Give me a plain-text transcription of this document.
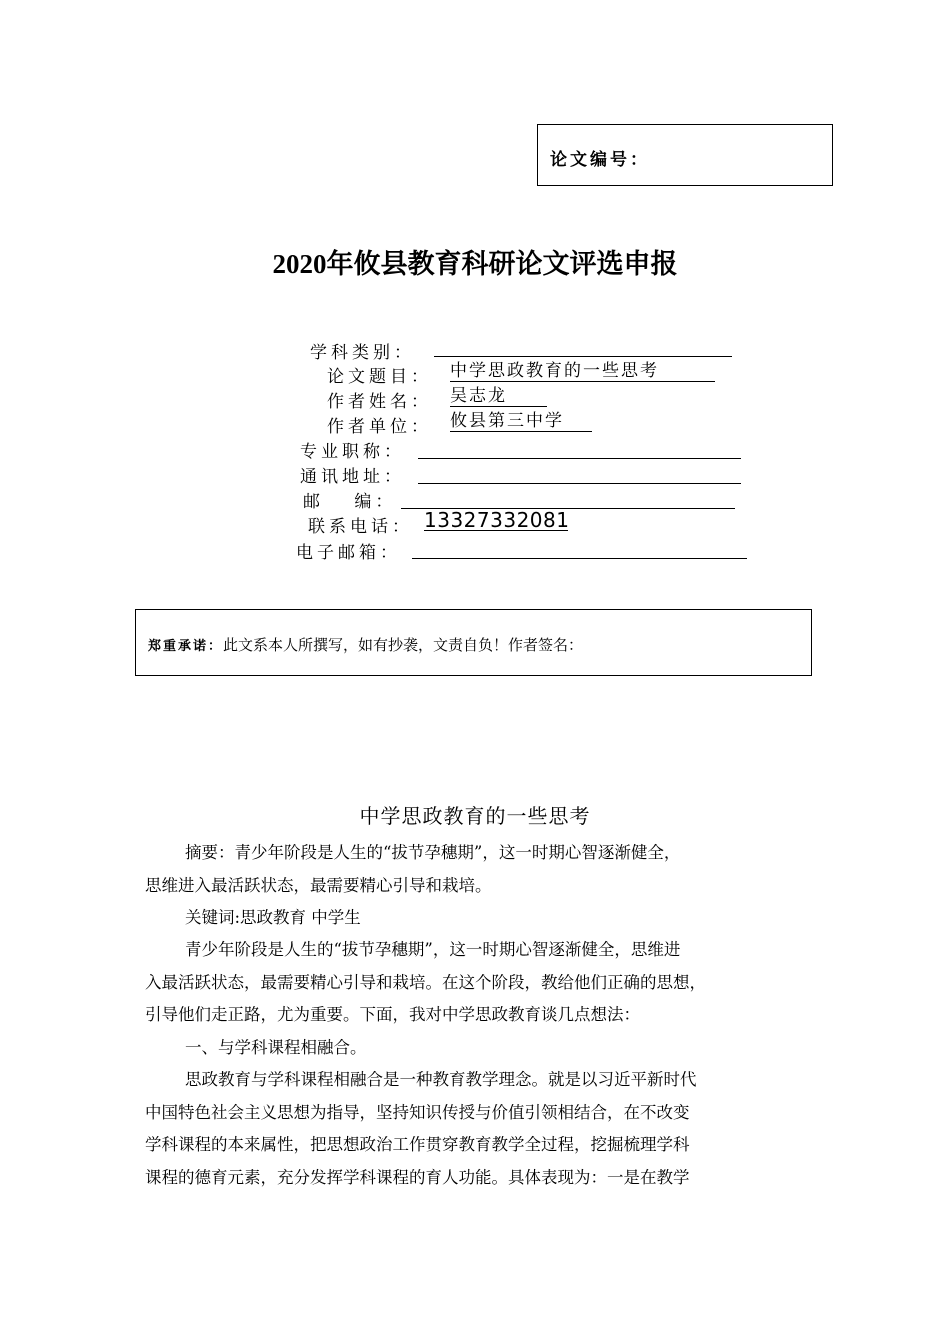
论文编号：
2020年攸县教育科研论文评选申报
学科类别：
论文题目： 中学思政教育的一些思考
作者姓名： 吴志龙
作者单位： 攸县第三中学
专业职称：
通讯地址：
邮　 编：
联系电话： 13327332081
电子邮箱：
郑重承诺：此文系本人所撰写，如有抄袭，文责自负！作者签名：
中学思政教育的一些思考
摘要：青少年阶段是人生的“拔节孕穗期”，这一时期心智逐渐健全，
思维进入最活跃状态，最需要精心引导和栽培。
关键词:思政教育 中学生
青少年阶段是人生的“拔节孕穗期”，这一时期心智逐渐健全，思维进
入最活跃状态，最需要精心引导和栽培。在这个阶段，教给他们正确的思想，
引导他们走正路，尤为重要。下面，我对中学思政教育谈几点想法：
一、与学科课程相融合。
思政教育与学科课程相融合是一种教育教学理念。就是以习近平新时代
中国特色社会主义思想为指导，坚持知识传授与价值引领相结合，在不改变
学科课程的本来属性，把思想政治工作贯穿教育教学全过程，挖掘梳理学科
课程的德育元素，充分发挥学科课程的育人功能。具体表现为：一是在教学
